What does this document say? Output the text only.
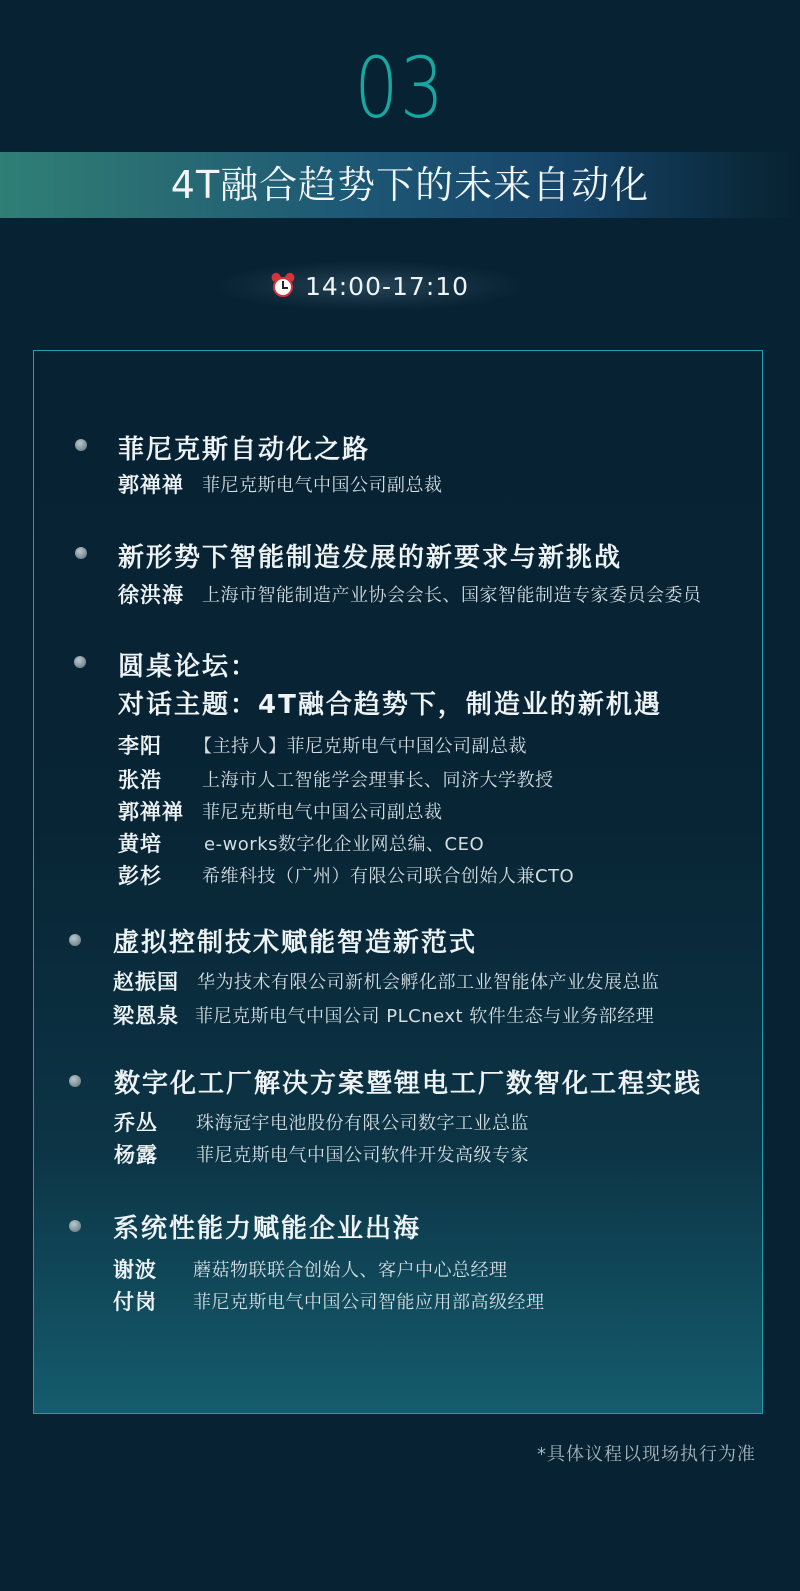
03
4T融合趋势下的未来自动化
14:00-17:10
菲尼克斯自动化之路
郭禅禅 菲尼克斯电气中国公司副总裁
新形势下智能制造发展的新要求与新挑战
徐洪海 上海市智能制造产业协会会长、国家智能制造专家委员会委员
圆桌论坛：
对话主题：4T融合趋势下，制造业的新机遇
李阳 【主持人】菲尼克斯电气中国公司副总裁
张浩 上海市人工智能学会理事长、同济大学教授
郭禅禅 菲尼克斯电气中国公司副总裁
黄培 e-works数字化企业网总编、CEO
彭杉 希维科技（广州）有限公司联合创始人兼CTO
虚拟控制技术赋能智造新范式
赵振国 华为技术有限公司新机会孵化部工业智能体产业发展总监
梁恩泉 菲尼克斯电气中国公司 PLCnext 软件生态与业务部经理
数字化工厂解决方案暨锂电工厂数智化工程实践
乔丛 珠海冠宇电池股份有限公司数字工业总监
杨露 菲尼克斯电气中国公司软件开发高级专家
系统性能力赋能企业出海
谢波 蘑菇物联联合创始人、客户中心总经理
付岗 菲尼克斯电气中国公司智能应用部高级经理
*具体议程以现场执行为准
